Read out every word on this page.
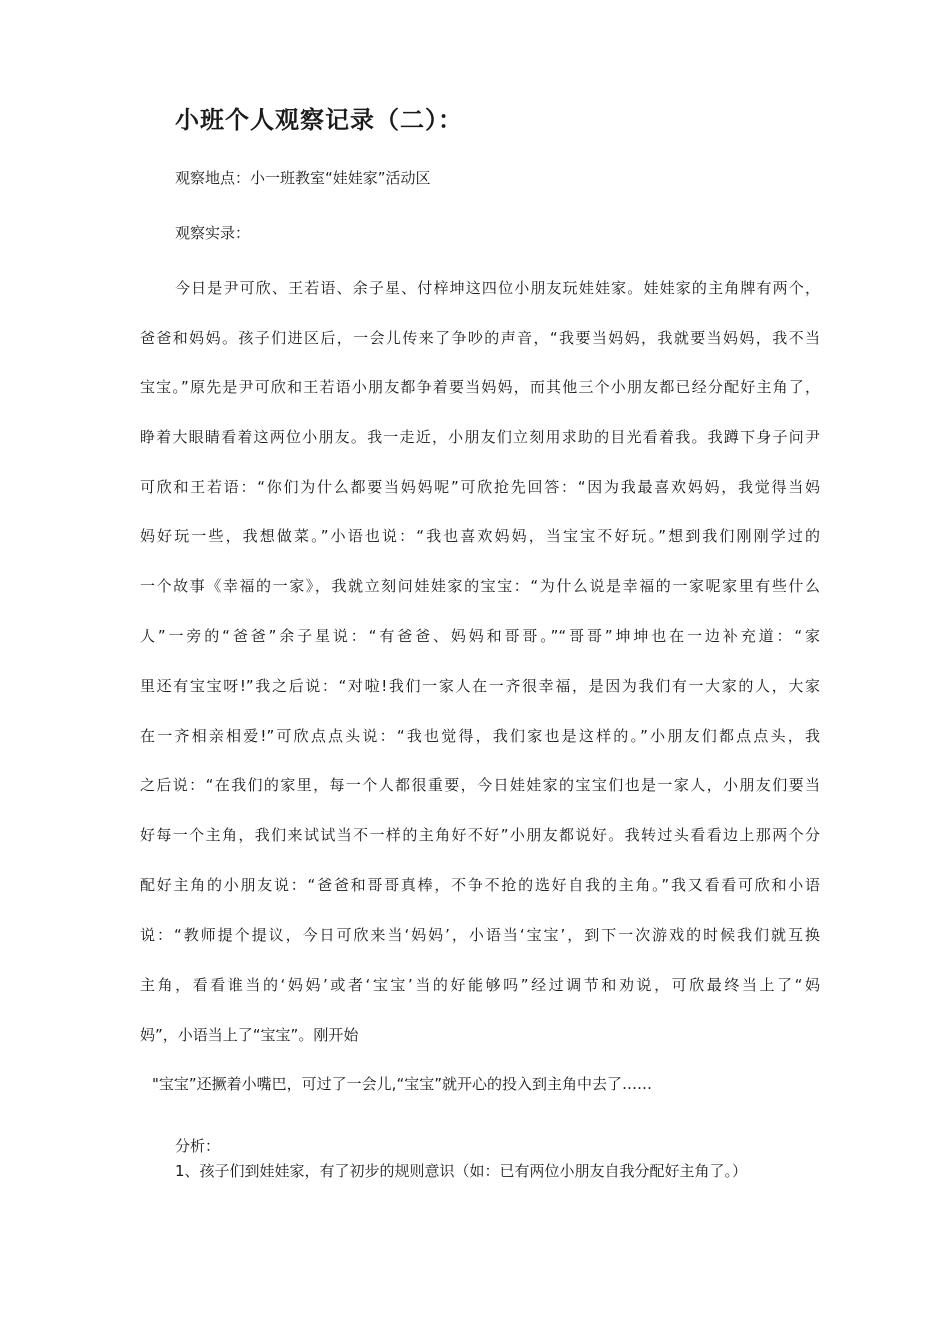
小班个人观察记录（二）：
观察地点：小一班教室“娃娃家”活动区
观察实录：
今日是尹可欣、王若语、余子星、付梓坤这四位小朋友玩娃娃家。娃娃家的主角牌有两个，
爸爸和妈妈。孩子们进区后，一会儿传来了争吵的声音，“我要当妈妈，我就要当妈妈，我不当
宝宝。”原先是尹可欣和王若语小朋友都争着要当妈妈，而其他三个小朋友都已经分配好主角了，
睁着大眼睛看着这两位小朋友。我一走近，小朋友们立刻用求助的目光看着我。我蹲下身子问尹
可欣和王若语：“你们为什么都要当妈妈呢”可欣抢先回答：“因为我最喜欢妈妈，我觉得当妈
妈好玩一些，我想做菜。”小语也说：“我也喜欢妈妈，当宝宝不好玩。”想到我们刚刚学过的
一个故事《幸福的一家》，我就立刻问娃娃家的宝宝：“为什么说是幸福的一家呢家里有些什么
人”一旁的“爸爸”余子星说：“有爸爸、妈妈和哥哥。”“哥哥”坤坤也在一边补充道：“家
里还有宝宝呀!”我之后说：“对啦!我们一家人在一齐很幸福，是因为我们有一大家的人，大家
在一齐相亲相爱!”可欣点点头说：“我也觉得，我们家也是这样的。”小朋友们都点点头，我
之后说：“在我们的家里，每一个人都很重要，今日娃娃家的宝宝们也是一家人，小朋友们要当
好每一个主角，我们来试试当不一样的主角好不好”小朋友都说好。我转过头看看边上那两个分
配好主角的小朋友说：“爸爸和哥哥真棒，不争不抢的选好自我的主角。”我又看看可欣和小语
说：“教师提个提议，今日可欣来当‘妈妈’，小语当‘宝宝’，到下一次游戏的时候我们就互换
主角，看看谁当的‘妈妈’或者‘宝宝’当的好能够吗”经过调节和劝说，可欣最终当上了“妈
妈”，小语当上了“宝宝”。刚开始
"宝宝”还撅着小嘴巴，可过了一会儿,“宝宝”就开心的投入到主角中去了……
分析：
1、孩子们到娃娃家，有了初步的规则意识（如：已有两位小朋友自我分配好主角了。）
